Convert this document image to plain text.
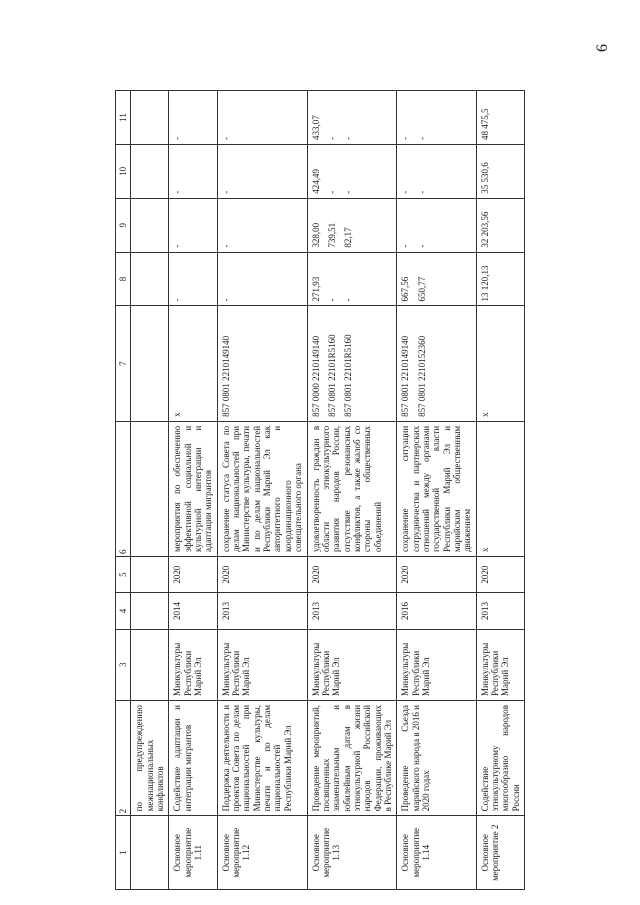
6
1	2	3	4	5	6	7	8	9	10	11
	по предупреждению межнациональных конфликтов									
Основное мероприятие 1.11	Содействие адаптации и интеграции мигрантов	Минкультуры Республики Марий Эл	2014	2020	мероприятия по обеспечению эффективной социальной и культурной интеграции и адаптации мигрантов	x	-	-	-	-

Основное мероприятие 1.12	Поддержка деятельности и проектов Совета по делам национальностей при Министерстве культуры, печати и по делам национальностей Республики Марий Эл	Минкультуры Республики Марий Эл	2013	2020	сохранение статуса Совета по делам национальностей при Министерстве культуры, печати и по делам национальностей Республики Марий Эл как авторитетного и координационного совещательного органа	857 0801 2210149140	-	-	-	-

Основное мероприятие 1.13	Проведение мероприятий, посвященных знаменательным и юбилейным датам в этнокультурной жизни народов Российской Федерации, проживающих в Республике Марий Эл	Минкультуры Республики Марий Эл	2013	2020	удовлетворенность граждан в области этнокультурного развития народов России, отсутствие резонансных конфликтов, а также жалоб со стороны общественных объединений	857 0000 2210149140 857 0801 22101R5160 857 0801 22101R5160	271,93 - -	328,00 739,51 82,17	424,49 - -	433,07 - -

Основное мероприятие 1.14	Проведение Съезда марийского народа в 2016 и 2020 годах	Минкультуры Республики Марий Эл	2016	2020	сохранение ситуации сотрудничества и партнерских отношений между органами государственной власти Республики Марий Эл и марийским общественным движением	857 0801 2210149140 857 0801 2210152360	667,56 650,77	- -	- -	- -

Основное мероприятие 2	Содействие этнокультурному многообразию народов России	Минкультуры Республики Марий Эл	2013	2020	x	x	13 120,13	32 203,56	35 530,6	48 475,5
